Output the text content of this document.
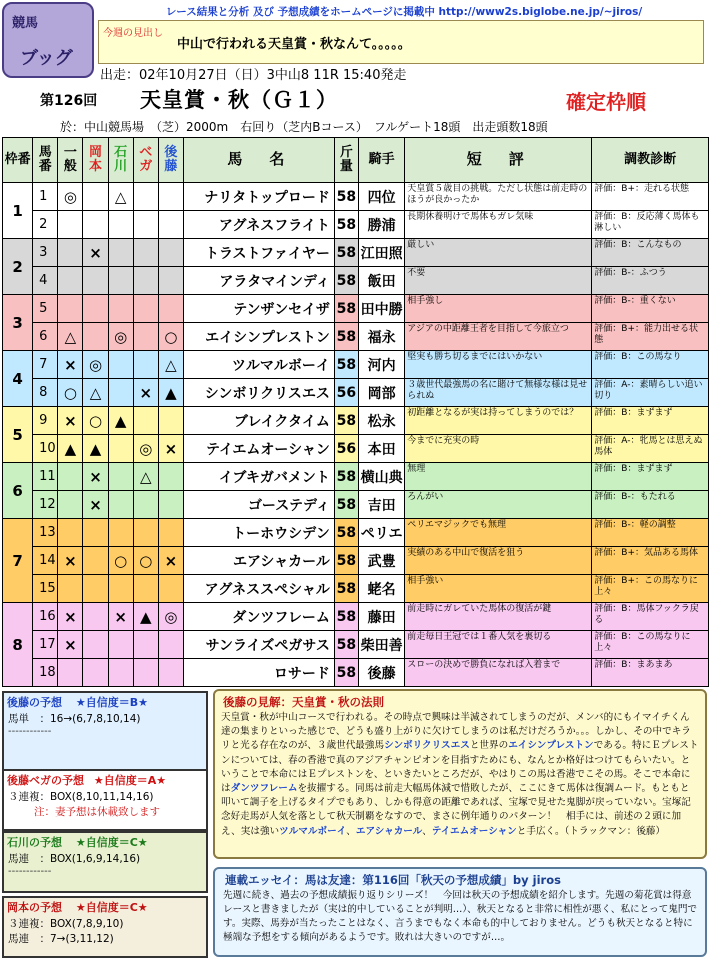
競馬
ブッグ
レース結果と分析 及び 予想成績をホームページに掲載中 http://www2s.biglobe.ne.jp/~jiros/
今週の見出し
中山で行われる天皇賞・秋なんて。。。。。
出走：02年10月27日（日）3中山8 11R 15:40発走
第126回 天皇賞・秋（Ｇ１）	確定枠順
於：中山競馬場　（芝）2000m　右回り（芝内Bコース）　フルゲート18頭　出走頭数18頭
枠番	馬番	一般	岡本	石川	ベガ	後藤	馬　名	斤量	騎手	短　評	調教診断
1	1	◎		△			ナリタトップロード	58	四位	天皇賞５歳目の挑戦。ただし状態は前走時のほうが良かったか	評価：B+：走れる状態
	2						アグネスフライト	58	勝浦	長期休養明けで馬体もガレ気味	評価：B：反応薄く馬体も淋しい
2	3		×				トラストファイヤー	58	江田照	厳しい	評価：B：こんなもの
	4						アラタマインディ	58	飯田	不要	評価：B-：ふつう
3	5						テンザンセイザ	58	田中勝	相手強し	評価：B-：重くない
	6	△		◎		○	エイシンプレストン	58	福永	アジアの中距離王者を目指して今旅立つ	評価：B+：能力出せる状態
4	7	×	◎			△	ツルマルボーイ	58	河内	堅実も勝ち切るまでにはいかない	評価：B：この馬なり
	8	○	△		×	▲	シンボリクリスエス	56	岡部	３歳世代最強馬の名に賭けて無様な様は見せられぬ	評価：A-：素晴らしい追い切り
5	9	×	○	▲			ブレイクタイム	58	松永	初距離となるが実は持ってしまうのでは？	評価：B：まずまず
	10	▲	▲		◎	×	テイエムオーシャン	56	本田	今までに充実の時	評価：A-：牝馬とは思えぬ馬体
6	11		×		△		イブキガバメント	58	横山典	無理	評価：B：まずまず
	12		×				ゴーステディ	58	吉田	ろんがい	評価：B-：もたれる
7	13						トーホウシデン	58	ペリエ	ペリエマジックでも無理	評価：B-：軽の調整
	14	×		○	○	×	エアシャカール	58	武豊	実績のある中山で復活を狙う	評価：B+：気品ある馬体
	15						アグネススペシャル	58	蛯名	相手強い	評価：B+：この馬なりに上々
8	16	×		×	▲	◎	ダンツフレーム	58	藤田	前走時にガレていた馬体の復活が鍵	評価：B：馬体フックラ戻る
	17	×					サンライズペガサス	58	柴田善	前走毎日王冠では１番人気を裏切る	評価：B：この馬なりに上々
	18						ロサード	58	後藤	スローの決めで勝負になれば入着まで	評価：B：まあまあ
後藤の予想 ★自信度＝B★
馬単　：16→(6,7,8,10,14)
------------
後藤ベガの予想 ★自信度＝A★
３連複：BOX(8,10,11,14,16)
注：妻予想は休載致します
石川の予想 ★自信度＝C★
馬連　：BOX(1,6,9,14,16)
------------
岡本の予想 ★自信度＝C★
３連複：BOX(7,8,9,10)
馬連　：7→(3,11,12)
後藤の見解：天皇賞・秋の法則
天皇賞・秋が中山コースで行われる。その時点で興味は半減されてしまうのだが、メンバ的にもイマイチくん達の集まりといった感じで、どうも盛り上がりに欠けてしまうのは私だけだろうか。。。しかし、その中でキラリと光る存在なのが、３歳世代最強馬シンボリクリスエスと世界のエイシンプレストンである。特にＥプレストンについては、春の香港で真のアジアチャンピオンを目指すためにも、なんとか格好はつけてもらいたい。ということで本命にはＥプレストンを、といきたいところだが、やはりこの馬は香港でこその馬。そこで本命にはダンツフレームを抜擢する。同馬は前走大幅馬体減で惜敗したが、ここにきて馬体は復調ムード。もともと叩いて調子を上げるタイプでもあり、しかも得意の距離であれば、宝塚で見せた鬼脚が戻っていない。宝塚記念好走馬が人気を落として秋天制覇をなすので、まさに例年通りのパターン！　相手には、前述の２頭に加え、実は強いツルマルボーイ、エアシャカール、テイエムオーシャンと手広く。（トラックマン：後藤）
連載エッセイ：馬は友達：第116回「秋天の予想成績」by jiros
先週に続き、過去の予想成績振り返りシリーズ！　今回は秋天の予想成績を紹介します。先週の菊花賞は得意レースと書きましたが（実は的中していることが判明…）、秋天となると非常に相性が悪く、私にとって鬼門です。実際、馬券が当たったことはなく、言うまでもなく本命も的中しておりません。どうも秋天となると特に極端な予想をする傾向があるようです。敗れは大きいのですが…。
